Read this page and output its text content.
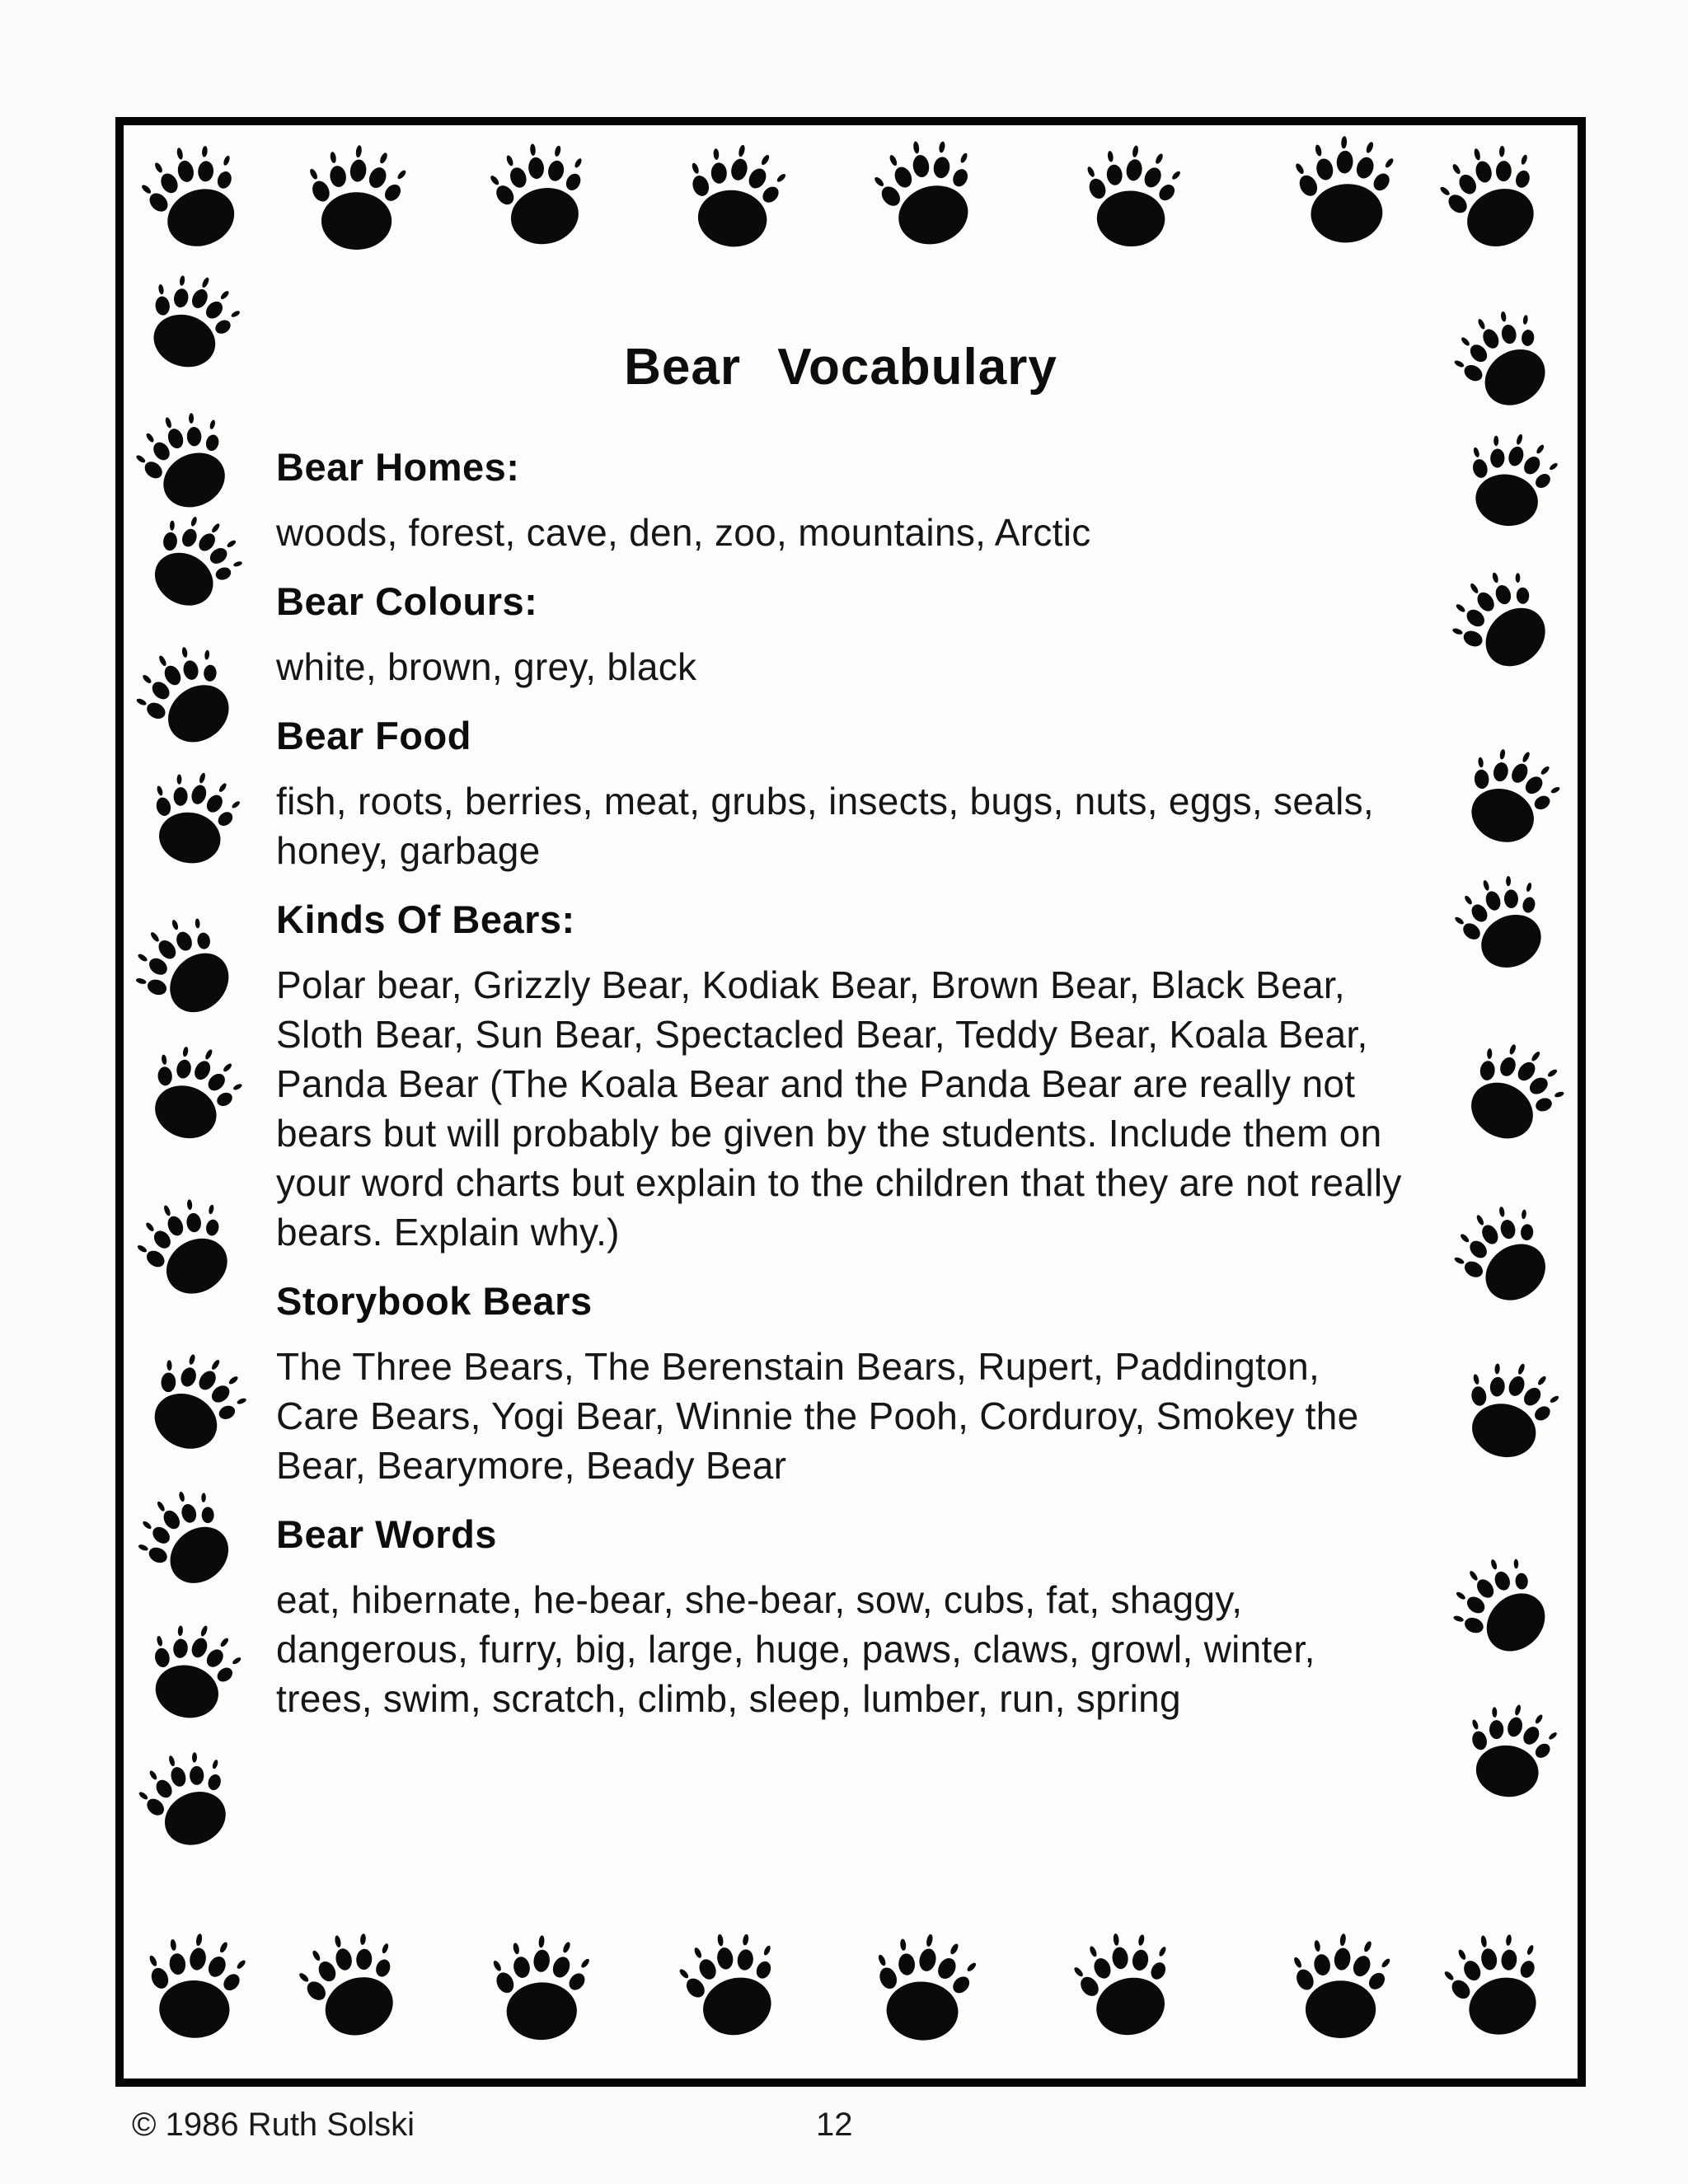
Bear Vocabulary
Bear Homes:

woods, forest, cave, den, zoo, mountains, Arctic

Bear Colours:

white, brown, grey, black

Bear Food

fish, roots, berries, meat, grubs, insects, bugs, nuts, eggs, seals, honey, garbage

Kinds Of Bears:

Polar bear, Grizzly Bear, Kodiak Bear, Brown Bear, Black Bear, Sloth Bear, Sun Bear, Spectacled Bear, Teddy Bear, Koala Bear, Panda Bear (The Koala Bear and the Panda Bear are really not bears but will probably be given by the students. Include them on your word charts but explain to the children that they are not really bears. Explain why.)

Storybook Bears

The Three Bears, The Berenstain Bears, Rupert, Paddington, Care Bears, Yogi Bear, Winnie the Pooh, Corduroy, Smokey the Bear, Bearymore, Beady Bear

Bear Words

eat, hibernate, he-bear, she-bear, sow, cubs, fat, shaggy, dangerous, furry, big, large, huge, paws, claws, growl, winter, trees, swim, scratch, climb, sleep, lumber, run, spring

© 1986 Ruth Solski	12
